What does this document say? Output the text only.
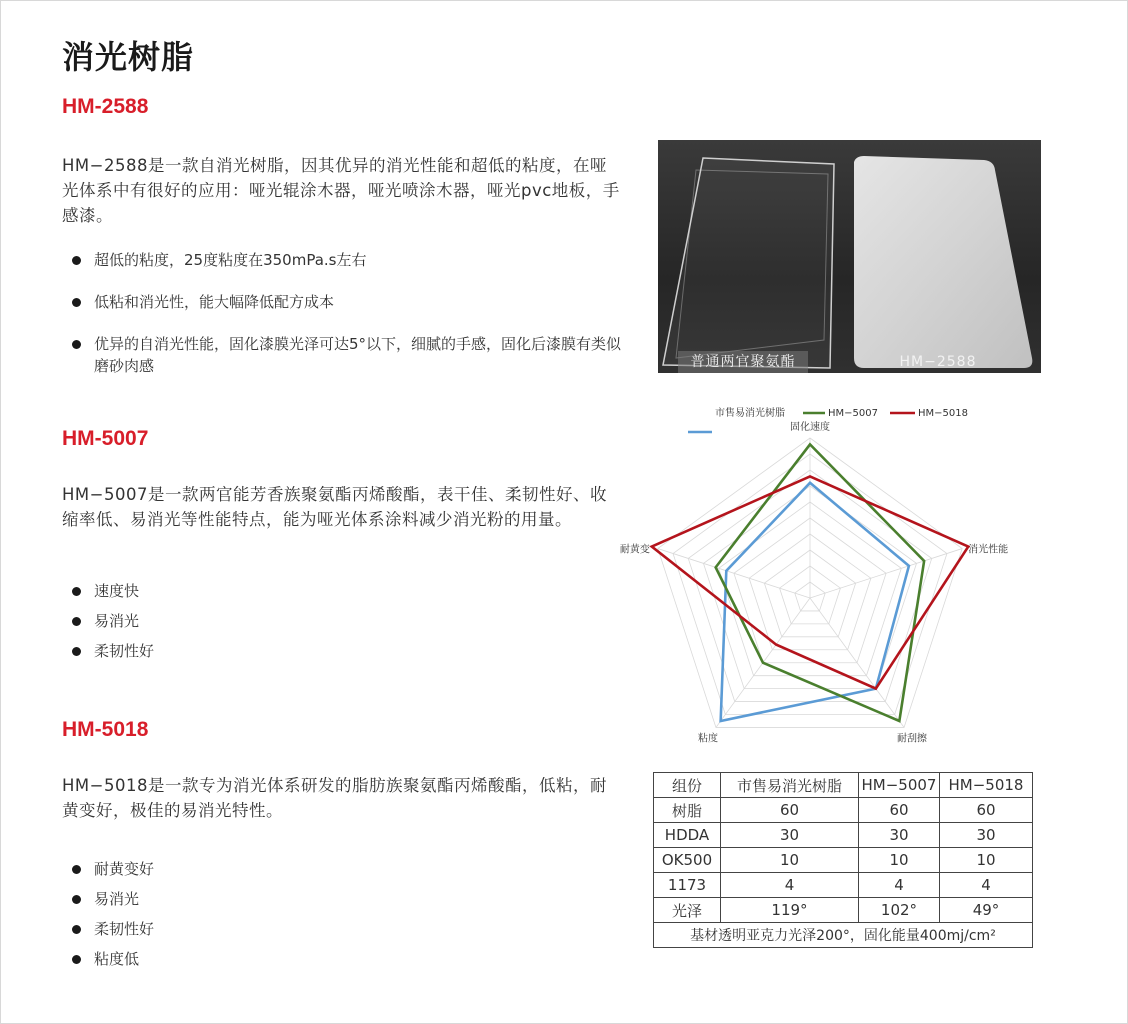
消光树脂
HM-2588
HM−2588是一款自消光树脂，因其优异的消光性能和超低的粘度，在哑光体系中有很好的应用：哑光辊涂木器，哑光喷涂木器，哑光pvc地板，手感漆。
超低的粘度，25度粘度在350mPa.s左右
低粘和消光性，能大幅降低配方成本
优异的自消光性能，固化漆膜光泽可达5°以下，细腻的手感，固化后漆膜有类似磨砂肉感
HM-5007
HM−5007是一款两官能芳香族聚氨酯丙烯酸酯，表干佳、柔韧性好、收缩率低、易消光等性能特点，能为哑光体系涂料减少消光粉的用量。
速度快
易消光
柔韧性好
HM-5018
HM−5018是一款专为消光体系研发的脂肪族聚氨酯丙烯酸酯，低粘，耐黄变好，极佳的易消光特性。
耐黄变好
易消光
柔韧性好
粘度低
普通两官聚氨酯	HM−2588
固化速度
消光性能
耐刮擦
粘度
耐黄变
市售易消光树脂	HM−5007	HM−5018
组份	市售易消光树脂	HM−5007	HM−5018
树脂	60	60	60
HDDA	30	30	30
OK500	10	10	10
1173	4	4	4
光泽	119°	102°	49°
基材透明亚克力光泽200°，固化能量400mj/cm²			
